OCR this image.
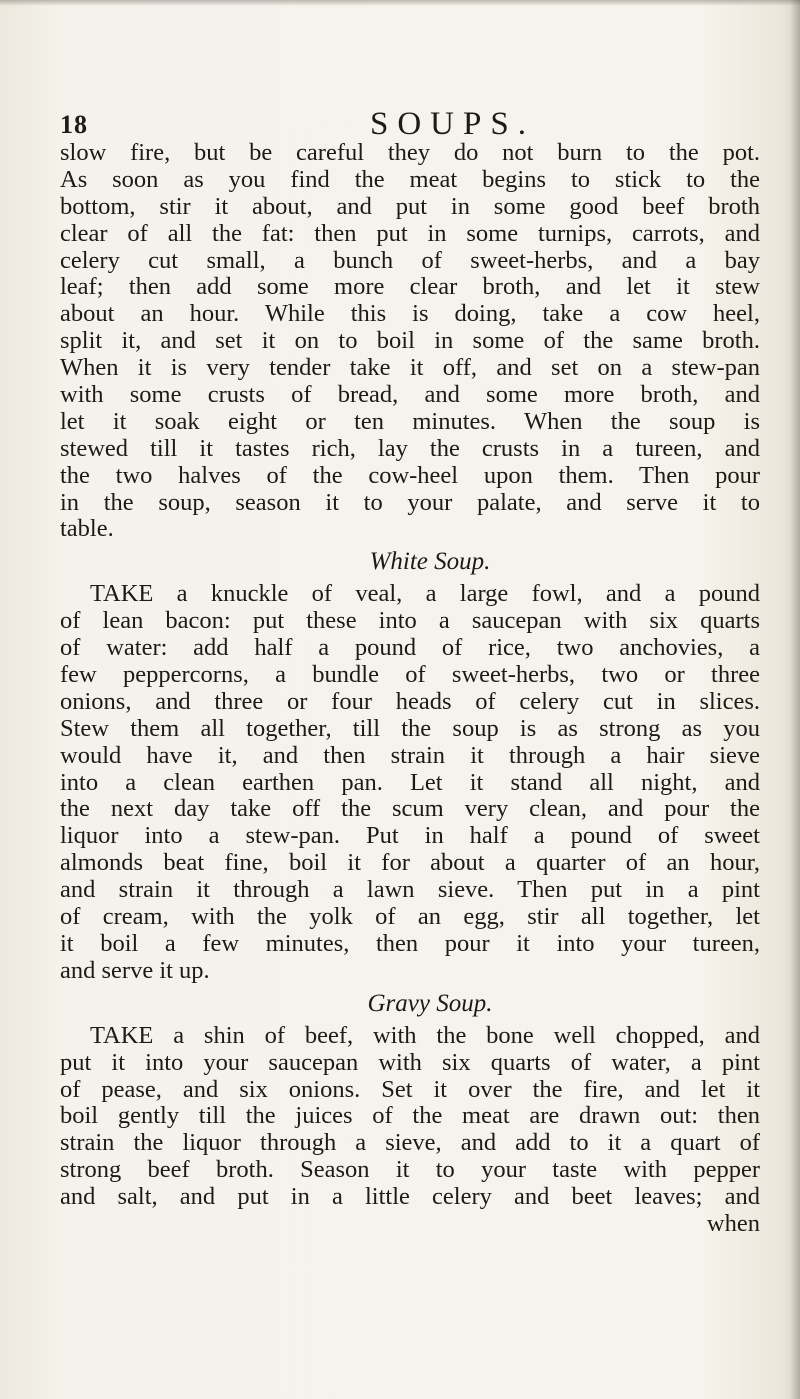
18	SOUPS.
slow fire, but be careful they do not burn to the pot.
As soon as you find the meat begins to stick to the
bottom, stir it about, and put in some good beef broth
clear of all the fat: then put in some turnips, carrots, and
celery cut small, a bunch of sweet-herbs, and a bay
leaf; then add some more clear broth, and let it stew
about an hour. While this is doing, take a cow heel,
split it, and set it on to boil in some of the same broth.
When it is very tender take it off, and set on a stew-pan
with some crusts of bread, and some more broth, and
let it soak eight or ten minutes. When the soup is
stewed till it tastes rich, lay the crusts in a tureen, and
the two halves of the cow-heel upon them. Then pour
in the soup, season it to your palate, and serve it to
table.
White Soup.
TAKE a knuckle of veal, a large fowl, and a pound
of lean bacon: put these into a saucepan with six quarts
of water: add half a pound of rice, two anchovies, a
few peppercorns, a bundle of sweet-herbs, two or three
onions, and three or four heads of celery cut in slices.
Stew them all together, till the soup is as strong as you
would have it, and then strain it through a hair sieve
into a clean earthen pan. Let it stand all night, and
the next day take off the scum very clean, and pour the
liquor into a stew-pan. Put in half a pound of sweet
almonds beat fine, boil it for about a quarter of an hour,
and strain it through a lawn sieve. Then put in a pint
of cream, with the yolk of an egg, stir all together, let
it boil a few minutes, then pour it into your tureen,
and serve it up.
Gravy Soup.
TAKE a shin of beef, with the bone well chopped, and
put it into your saucepan with six quarts of water, a pint
of pease, and six onions. Set it over the fire, and let it
boil gently till the juices of the meat are drawn out: then
strain the liquor through a sieve, and add to it a quart of
strong beef broth. Season it to your taste with pepper
and salt, and put in a little celery and beet leaves; and
when
